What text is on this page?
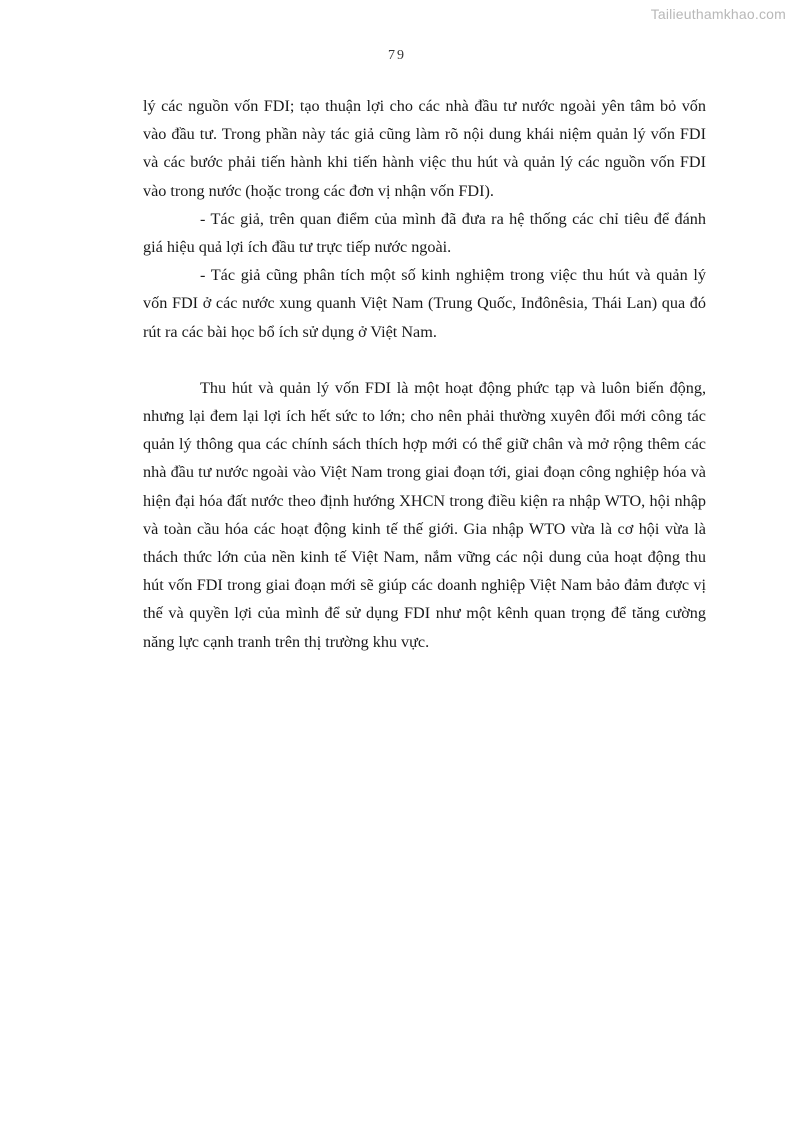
Tailieuthamkhao.com
79

lý các nguồn vốn FDI; tạo thuận lợi cho các nhà đầu tư nước ngoài yên tâm bỏ vốn vào đầu tư. Trong phần này tác giả cũng làm rõ nội dung khái niệm quản lý vốn FDI và các bước phải tiến hành khi tiến hành việc thu hút và quản lý các nguồn vốn FDI vào trong nước (hoặc trong các đơn vị nhận vốn FDI).

- Tác giả, trên quan điểm của mình đã đưa ra hệ thống các chỉ tiêu để đánh giá hiệu quả lợi ích đầu tư trực tiếp nước ngoài.

- Tác giả cũng phân tích một số kinh nghiệm trong việc thu hút và quản lý vốn FDI ở các nước xung quanh Việt Nam (Trung Quốc, Inđônêsia, Thái Lan) qua đó rút ra các bài học bổ ích sử dụng ở Việt Nam.

Thu hút và quản lý vốn FDI là một hoạt động phức tạp và luôn biến động, nhưng lại đem lại lợi ích hết sức to lớn; cho nên phải thường xuyên đổi mới công tác quản lý thông qua các chính sách thích hợp mới có thể giữ chân và mở rộng thêm các nhà đầu tư nước ngoài vào Việt Nam trong giai đoạn tới, giai đoạn công nghiệp hóa và hiện đại hóa đất nước theo định hướng XHCN trong điều kiện ra nhập WTO, hội nhập và toàn cầu hóa các hoạt động kinh tế thế giới. Gia nhập WTO vừa là cơ hội vừa là thách thức lớn của nền kinh tế Việt Nam, nắm vững các nội dung của hoạt động thu hút vốn FDI trong giai đoạn mới sẽ giúp các doanh nghiệp Việt Nam bảo đảm được vị thế và quyền lợi của mình để sử dụng FDI như một kênh quan trọng để tăng cường năng lực cạnh tranh trên thị trường khu vực.
